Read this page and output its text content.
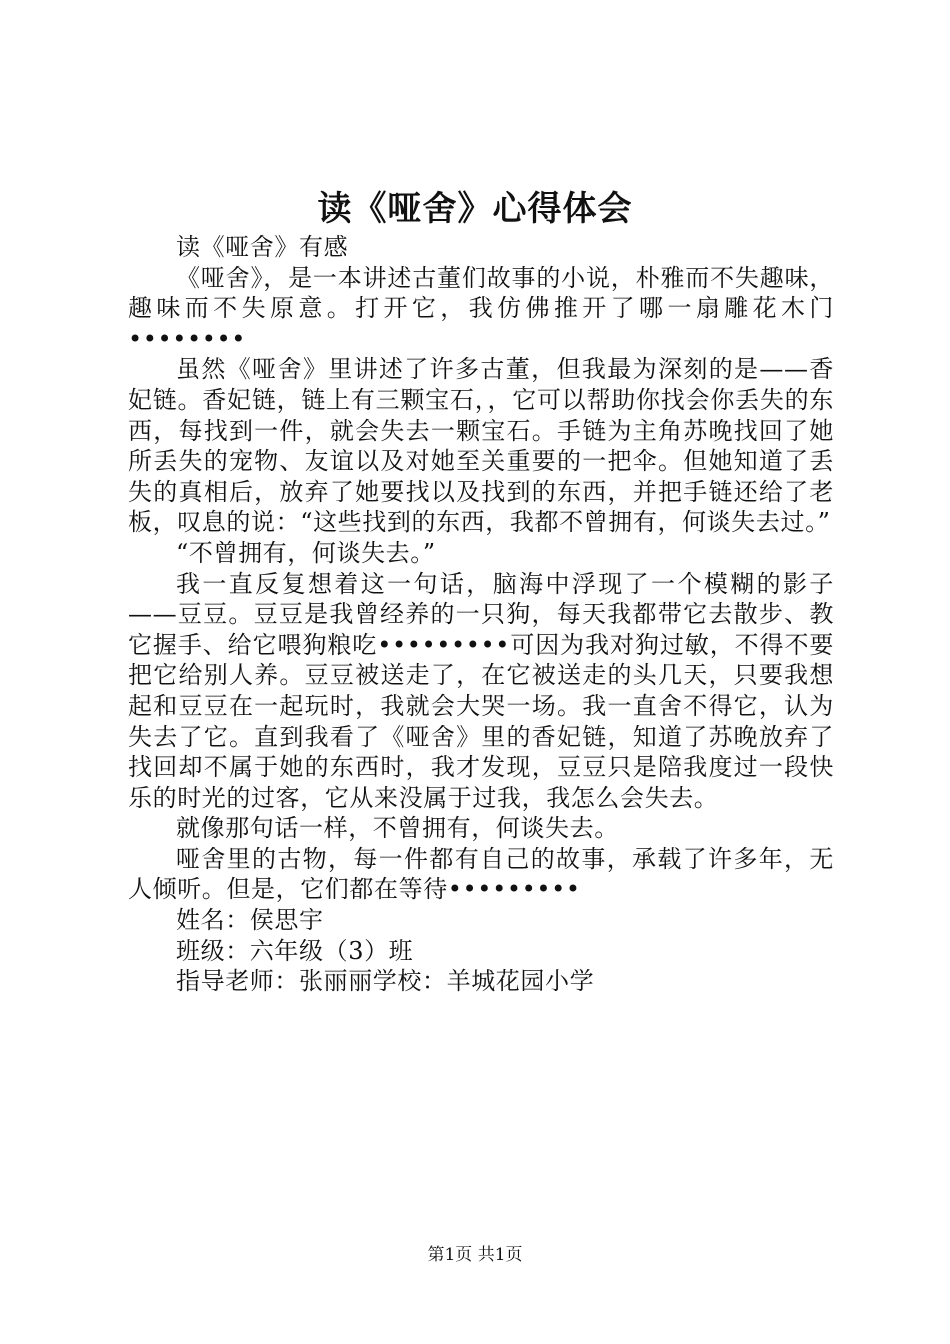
读《哑舍》心得体会

读《哑舍》有感

《哑舍》，是一本讲述古董们故事的小说，朴雅而不失趣味，趣味而不失原意。打开它，我仿佛推开了哪一扇雕花木门••••••••

虽然《哑舍》里讲述了许多古董，但我最为深刻的是——香妃链。香妃链，链上有三颗宝石，，它可以帮助你找会你丢失的东西，每找到一件，就会失去一颗宝石。手链为主角苏晚找回了她所丢失的宠物、友谊以及对她至关重要的一把伞。但她知道了丢失的真相后，放弃了她要找以及找到的东西，并把手链还给了老板，叹息的说：“这些找到的东西，我都不曾拥有，何谈失去过。”

“不曾拥有，何谈失去。”

我一直反复想着这一句话，脑海中浮现了一个模糊的影子——豆豆。豆豆是我曾经养的一只狗，每天我都带它去散步、教它握手、给它喂狗粮吃•••••••••可因为我对狗过敏，不得不要把它给别人养。豆豆被送走了，在它被送走的头几天，只要我想起和豆豆在一起玩时，我就会大哭一场。我一直舍不得它，认为失去了它。直到我看了《哑舍》里的香妃链，知道了苏晚放弃了找回却不属于她的东西时，我才发现，豆豆只是陪我度过一段快乐的时光的过客，它从来没属于过我，我怎么会失去。

就像那句话一样，不曾拥有，何谈失去。

哑舍里的古物，每一件都有自己的故事，承载了许多年，无人倾听。但是，它们都在等待•••••••••

姓名：侯思宇

班级：六年级（3）班

指导老师：张丽丽学校：羊城花园小学

第1页 共1页
